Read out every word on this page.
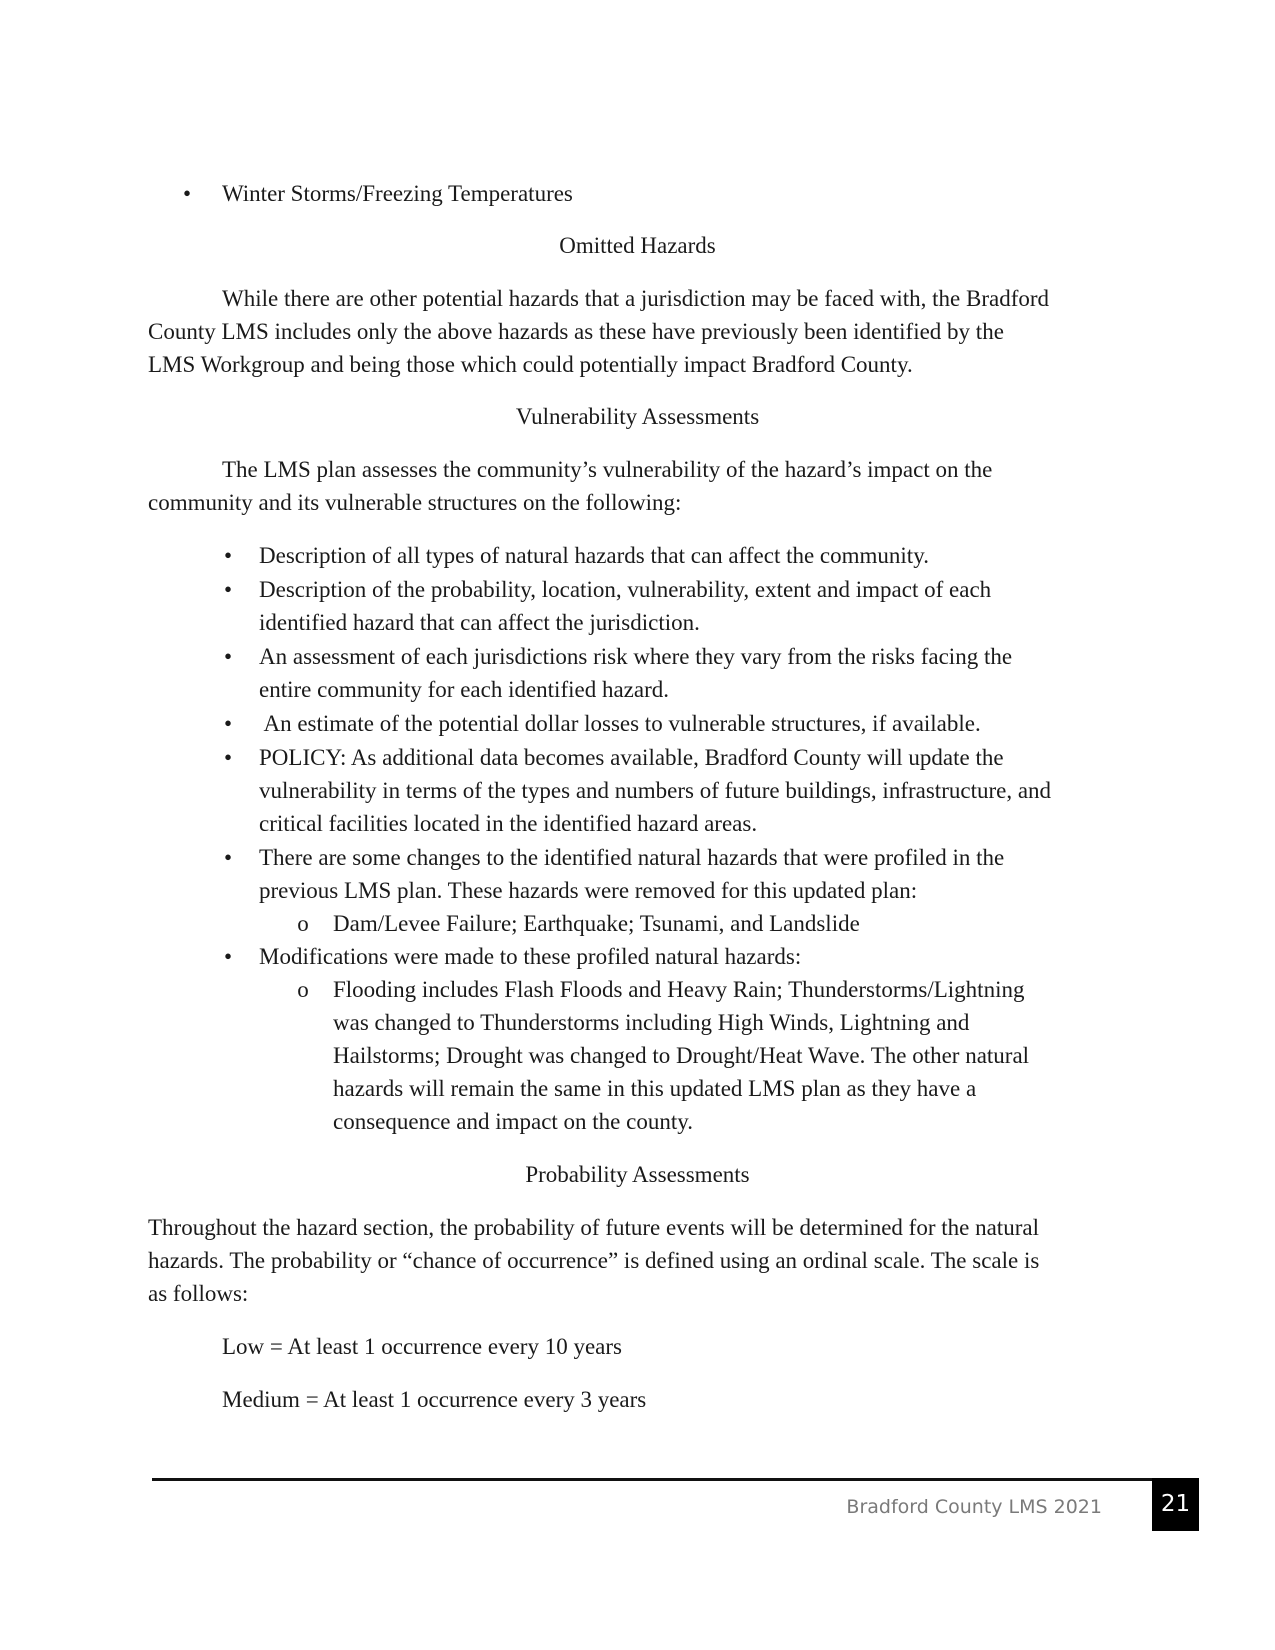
• Winter Storms/Freezing Temperatures
Omitted Hazards
While there are other potential hazards that a jurisdiction may be faced with, the Bradford
County LMS includes only the above hazards as these have previously been identified by the
LMS Workgroup and being those which could potentially impact Bradford County.
Vulnerability Assessments
The LMS plan assesses the community’s vulnerability of the hazard’s impact on the
community and its vulnerable structures on the following:
• Description of all types of natural hazards that can affect the community.
• Description of the probability, location, vulnerability, extent and impact of each
identified hazard that can affect the jurisdiction.
• An assessment of each jurisdictions risk where they vary from the risks facing the
entire community for each identified hazard.
• An estimate of the potential dollar losses to vulnerable structures, if available.
• POLICY: As additional data becomes available, Bradford County will update the
vulnerability in terms of the types and numbers of future buildings, infrastructure, and
critical facilities located in the identified hazard areas.
• There are some changes to the identified natural hazards that were profiled in the
previous LMS plan. These hazards were removed for this updated plan:
o Dam/Levee Failure; Earthquake; Tsunami, and Landslide
• Modifications were made to these profiled natural hazards:
o Flooding includes Flash Floods and Heavy Rain; Thunderstorms/Lightning
was changed to Thunderstorms including High Winds, Lightning and
Hailstorms; Drought was changed to Drought/Heat Wave. The other natural
hazards will remain the same in this updated LMS plan as they have a
consequence and impact on the county.
Probability Assessments
Throughout the hazard section, the probability of future events will be determined for the natural
hazards. The probability or “chance of occurrence” is defined using an ordinal scale. The scale is
as follows:
Low = At least 1 occurrence every 10 years
Medium = At least 1 occurrence every 3 years
Bradford County LMS 2021	21
